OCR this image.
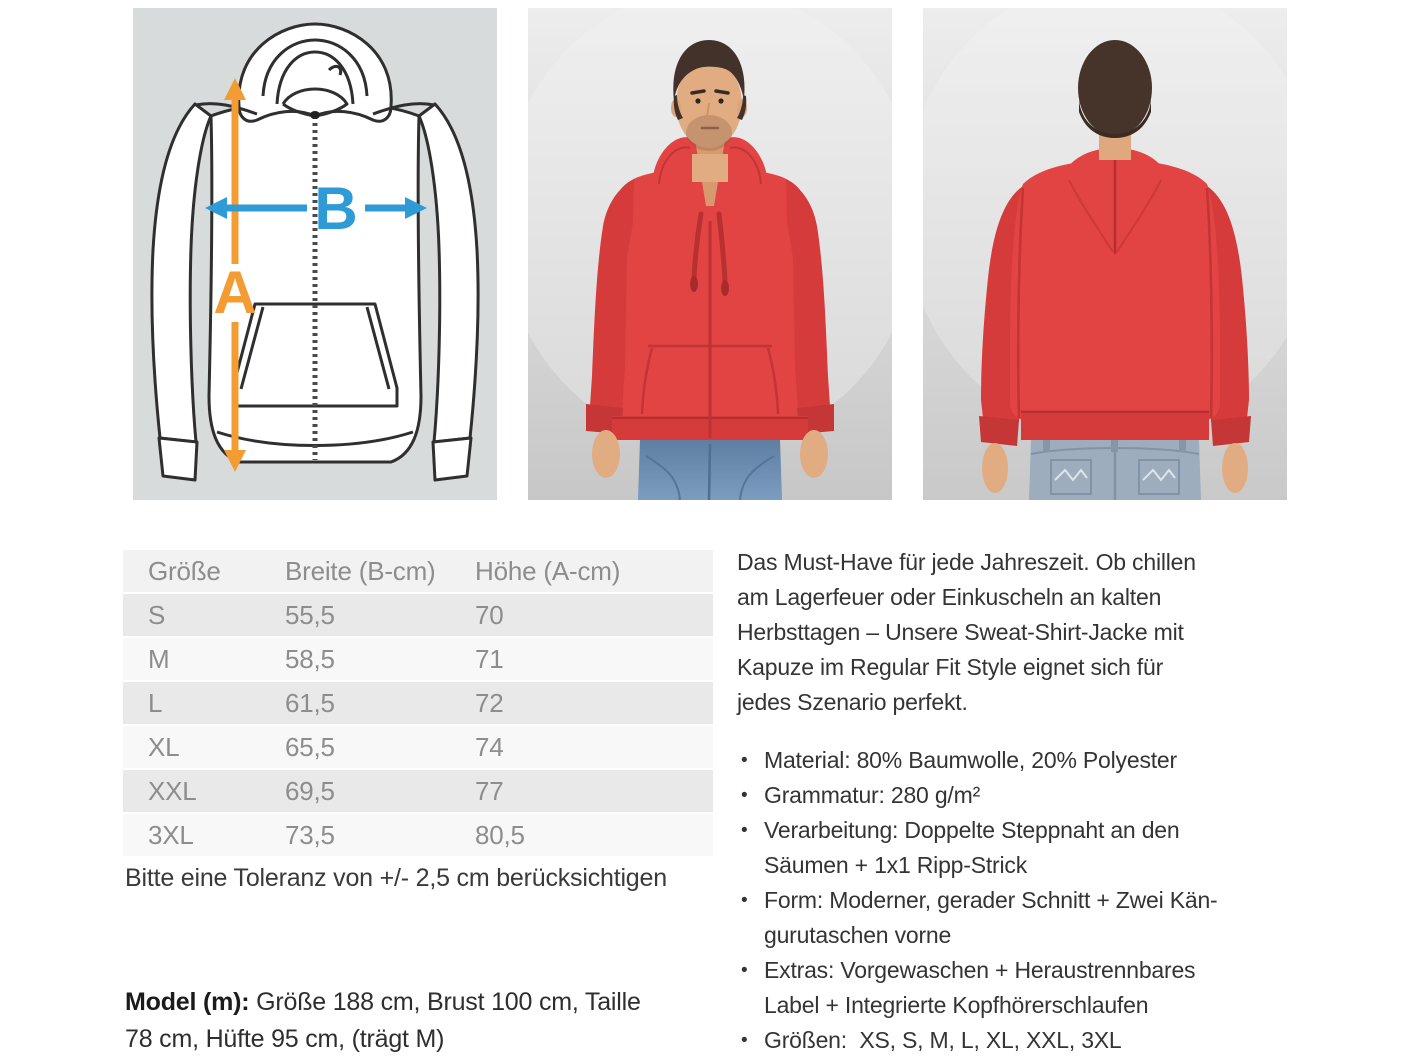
A
B
Größe	Breite (B-cm)	Höhe (A-cm)
S	55,5	70
M	58,5	71
L	61,5	72
XL	65,5	74
XXL	69,5	77
3XL	73,5	80,5
Bitte eine Toleranz von +/- 2,5 cm berücksichtigen
Model (m): Größe 188 cm, Brust 100 cm, Taille
78 cm, Hüfte 95 cm, (trägt M)

Das Must-Have für jede Jahreszeit. Ob chillen
am Lagerfeuer oder Einkuscheln an kalten
Herbsttagen – Unsere Sweat-Shirt-Jacke mit
Kapuze im Regular Fit Style eignet sich für
jedes Szenario perfekt.

• Material: 80% Baumwolle, 20% Polyester
• Grammatur: 280 g/m²
• Verarbeitung: Doppelte Steppnaht an den
Säumen + 1x1 Ripp-Strick
• Form: Moderner, gerader Schnitt + Zwei Kän-
gurutaschen vorne
• Extras: Vorgewaschen + Heraustrennbares
Label + Integrierte Kopfhörerschlaufen
• Größen:  XS, S, M, L, XL, XXL, 3XL
